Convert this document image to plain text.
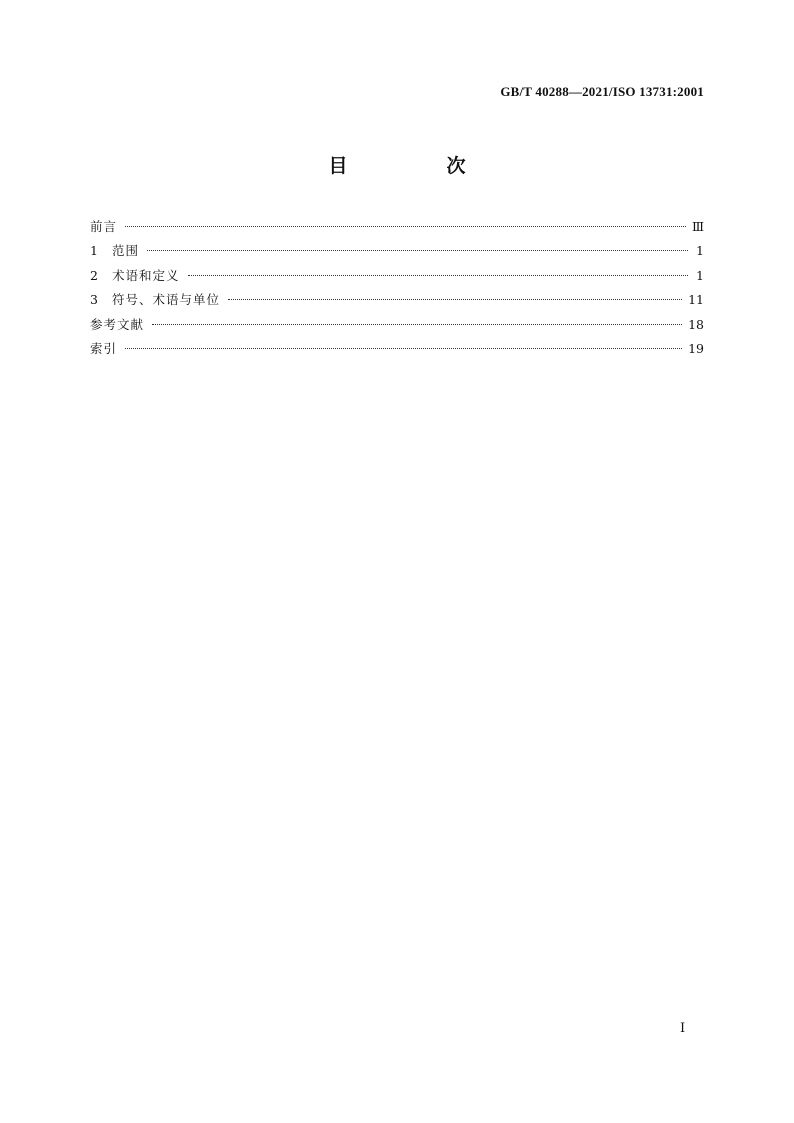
GB/T 40288—2021/ISO 13731:2001
目　次
前言	Ⅲ
1	范围	1
2	术语和定义	1
3	符号、术语与单位	11
参考文献	18
索引	19
I
